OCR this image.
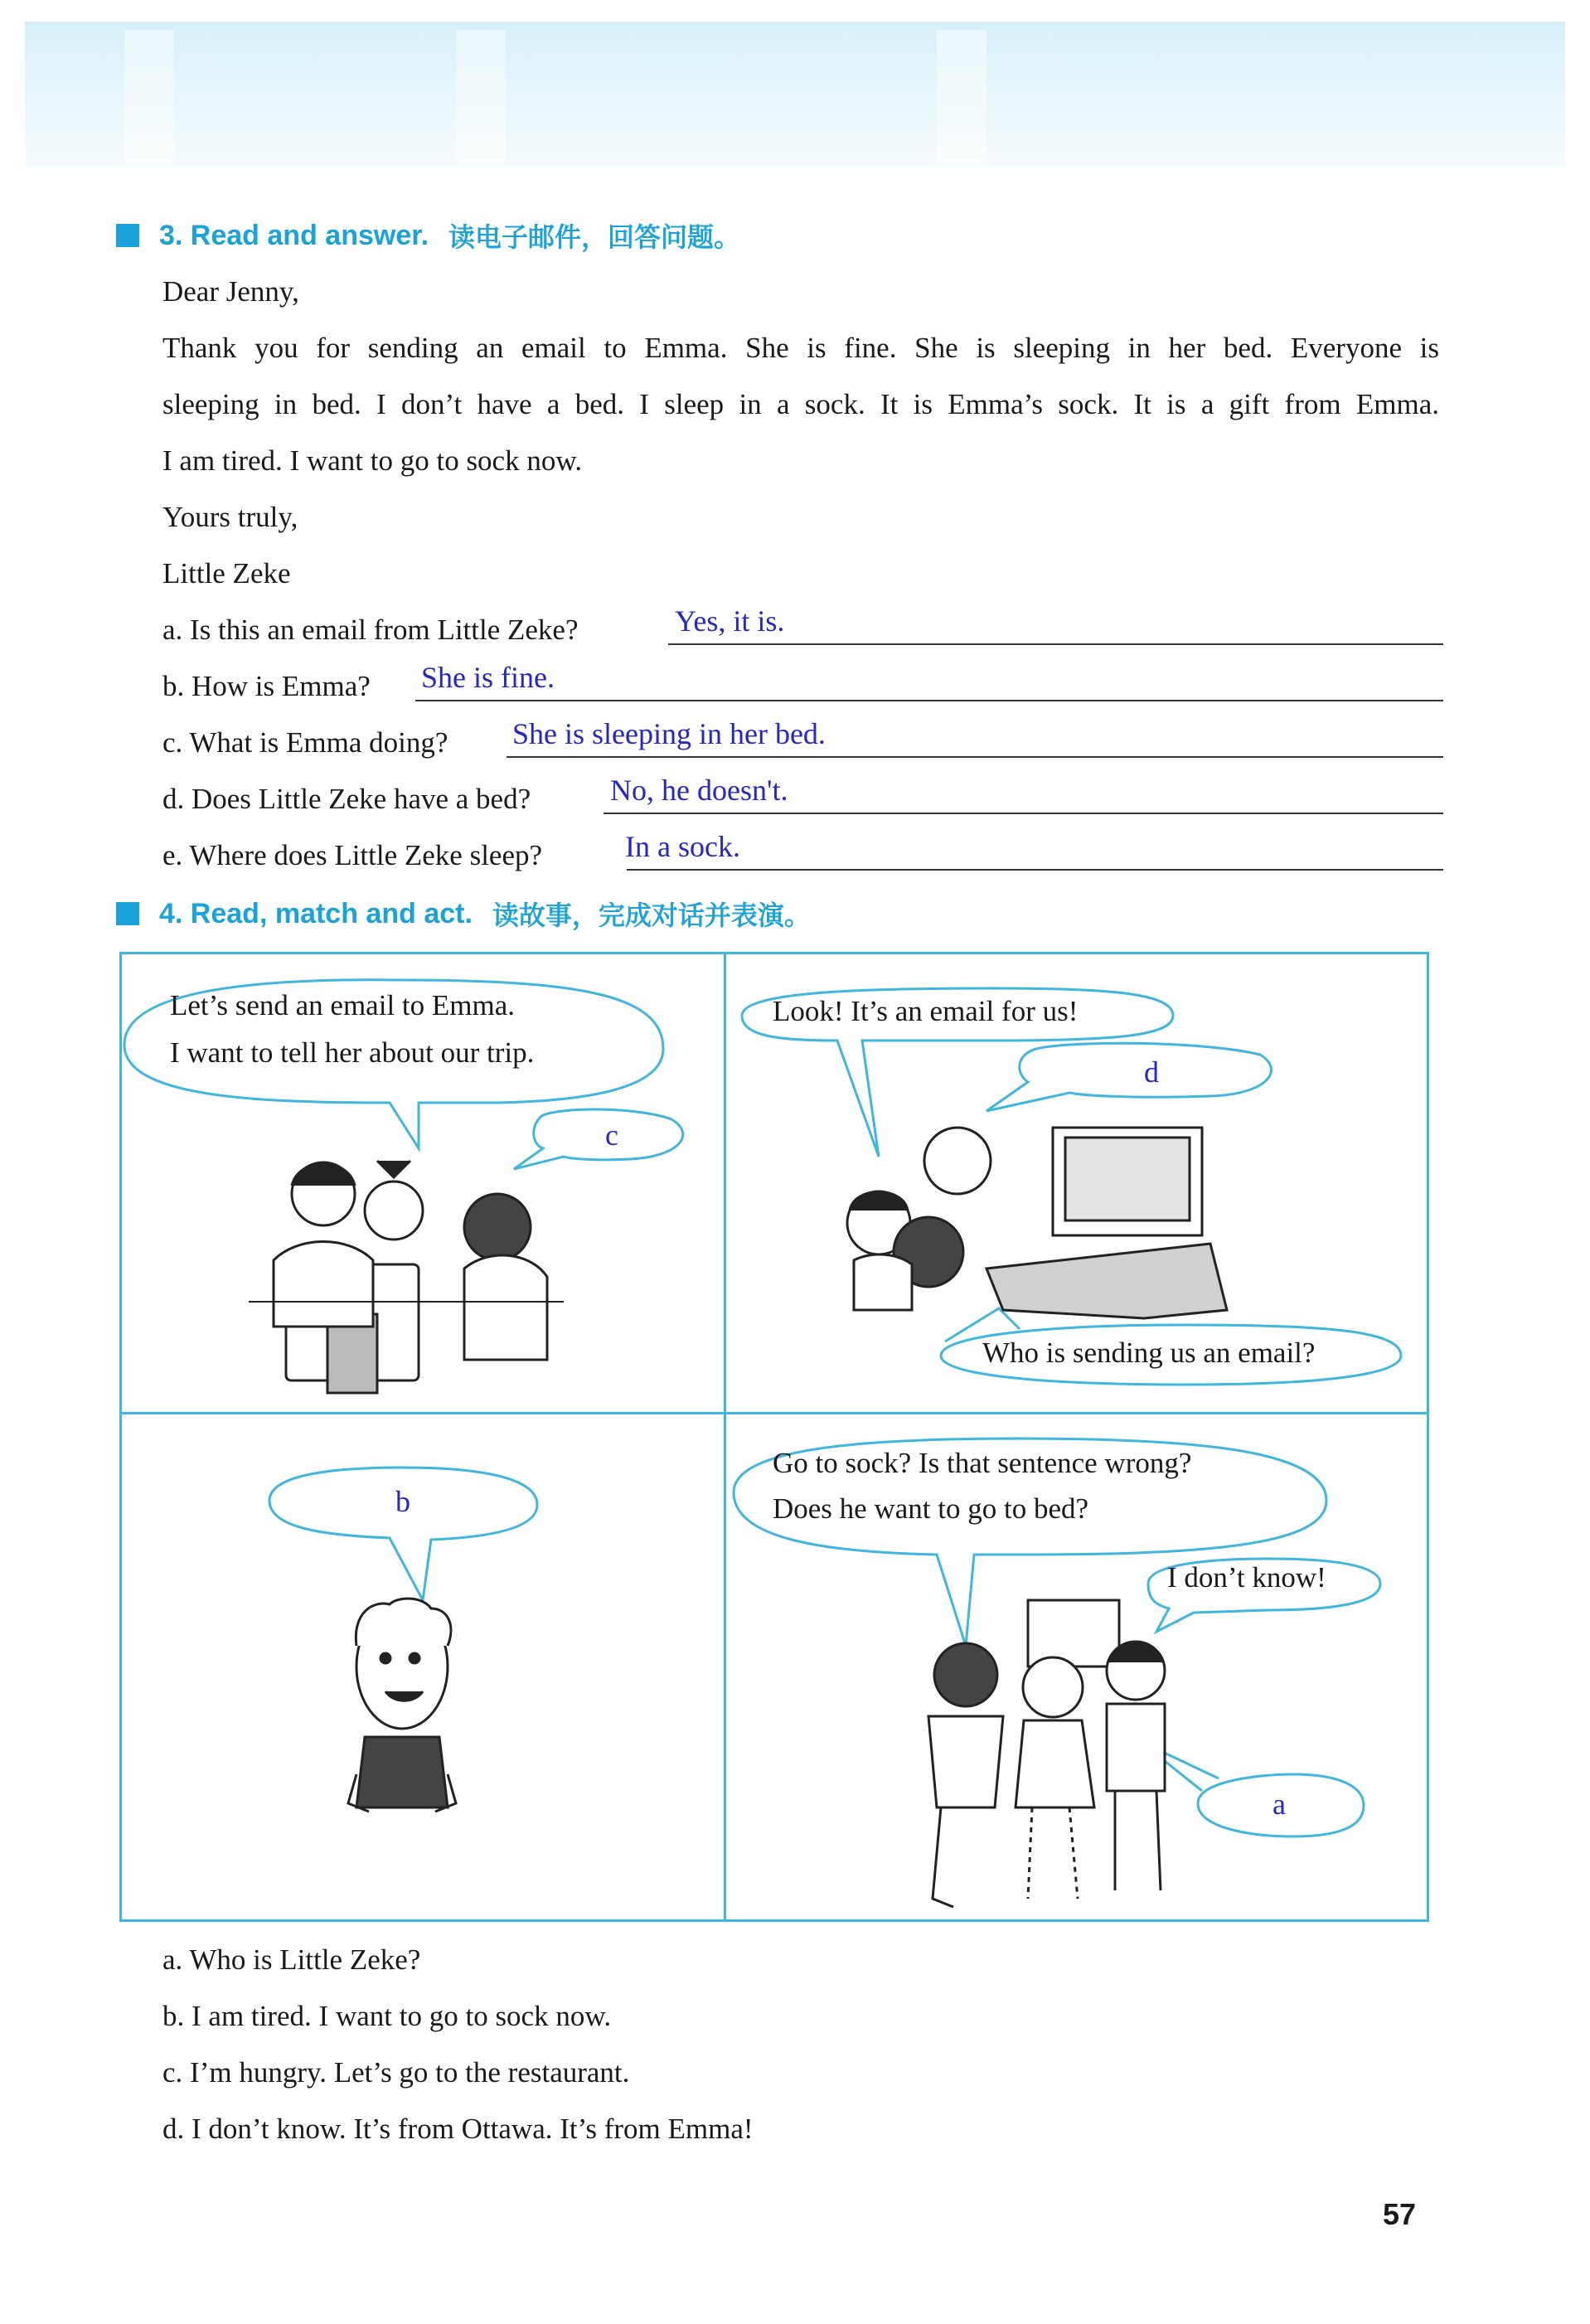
3. Read and answer. 读电子邮件，回答问题。
Dear Jenny,
Thank you for sending an email to Emma. She is fine. She is sleeping in her bed. Everyone is
sleeping in bed. I don’t have a bed. I sleep in a sock. It is Emma’s sock. It is a gift from Emma.
I am tired. I want to go to sock now.
Yours truly,
Little Zeke
a. Is this an email from Little Zeke?	Yes, it is.
b. How is Emma? She is fine.
c. What is Emma doing? She is sleeping in her bed.
d. Does Little Zeke have a bed?	No, he doesn't.
e. Where does Little Zeke sleep?	In a sock.
4. Read, match and act. 读故事，完成对话并表演。
Let’s send an email to Emma.
I want to tell her about our trip.
c
Look! It’s an email for us!
d
Who is sending us an email?
b
Go to sock? Is that sentence wrong?
Does he want to go to bed?
I don’t know!
a
a. Who is Little Zeke?
b. I am tired. I want to go to sock now.
c. I’m hungry. Let’s go to the restaurant.
d. I don’t know. It’s from Ottawa. It’s from Emma!
57
